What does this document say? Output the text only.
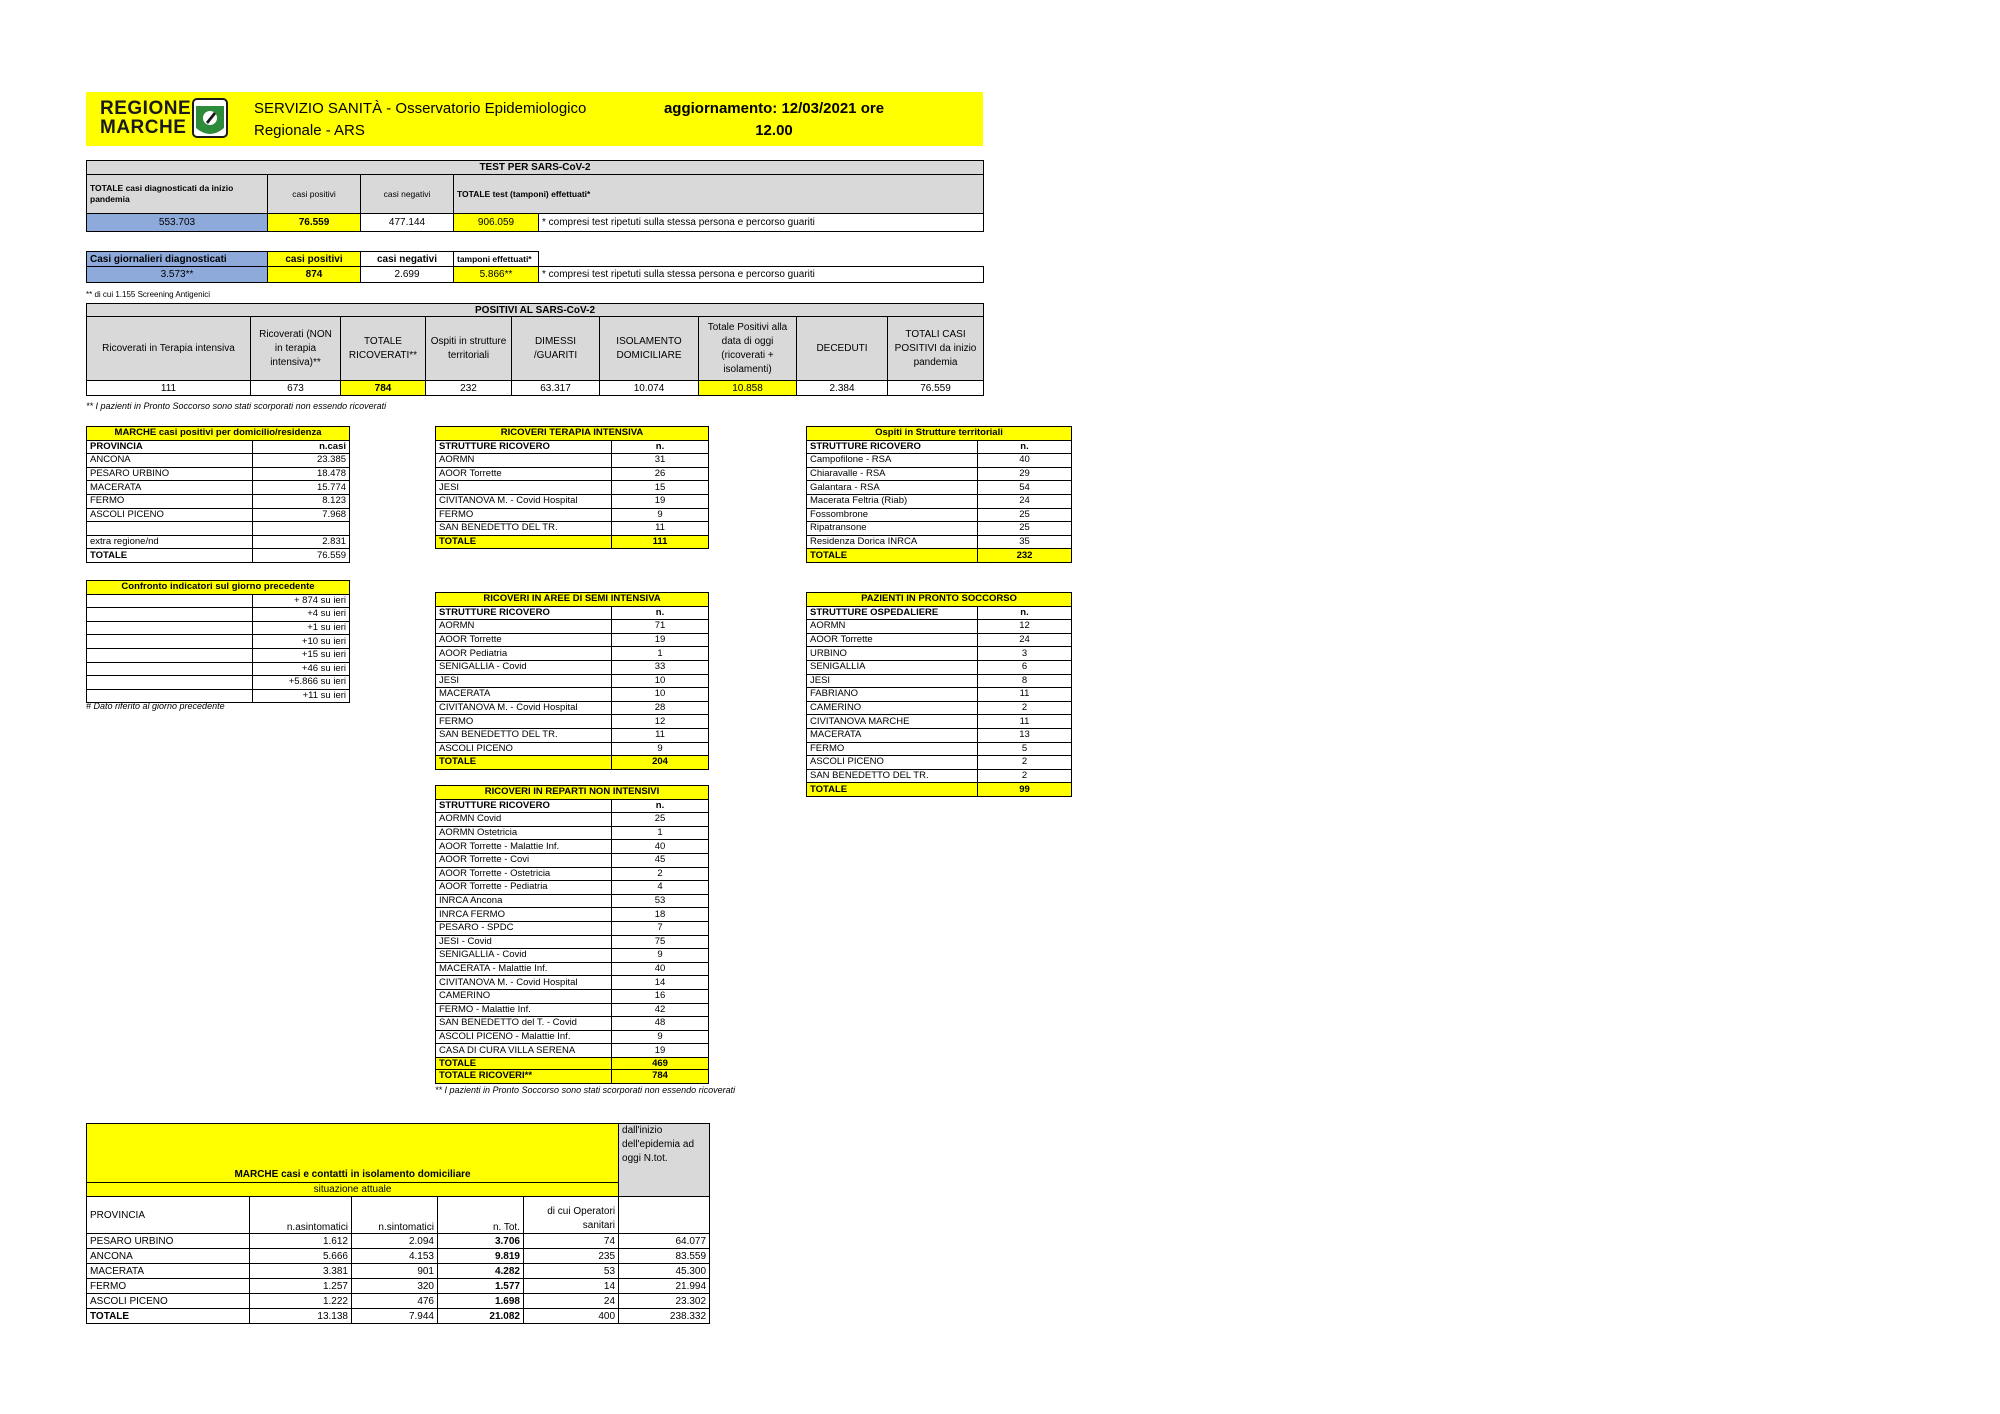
REGIONE
MARCHE
SERVIZIO SANITÀ - Osservatorio Epidemiologico
Regionale - ARS
aggiornamento: 12/03/2021 ore
12.00
TEST PER SARS-CoV-2				
TOTALE casi diagnosticati da inizio pandemia	casi positivi	casi negativi	TOTALE test (tamponi) effettuati*	
553.703	76.559	477.144	906.059	* compresi test ripetuti sulla stessa persona e percorso guariti
Casi giornalieri diagnosticati	casi positivi	casi negativi	tamponi effettuati*	
3.573**	874	2.699	5.866**	* compresi test ripetuti sulla stessa persona e percorso guariti
** di cui 1.155 Screening Antigenici
POSITIVI AL SARS-CoV-2								
Ricoverati in Terapia intensiva	Ricoverati (NON in terapia intensiva)**	TOTALE RICOVERATI**	Ospiti in strutture territoriali	DIMESSI /GUARITI	ISOLAMENTO DOMICILIARE	Totale Positivi alla data di oggi (ricoverati + isolamenti)	DECEDUTI	TOTALI CASI POSITIVI da inizio pandemia
111	673	784	232	63.317	10.074	10.858	2.384	76.559
** I pazienti in Pronto Soccorso sono stati scorporati non essendo ricoverati
MARCHE casi positivi per domicilio/residenza	
PROVINCIA	n.casi
ANCONA	23.385
PESARO URBINO	18.478
MACERATA	15.774
FERMO	8.123
ASCOLI PICENO	7.968

extra regione/nd	2.831
TOTALE	76.559
Confronto indicatori sul giorno precedente	
	+ 874 su ieri
	+4 su ieri
	+1 su ieri
	+10 su ieri
	+15 su ieri
	+46 su ieri
	+5.866 su ieri
	+11 su ieri
# Dato riferito al giorno precedente
RICOVERI TERAPIA INTENSIVA	
STRUTTURE RICOVERO	n.
AORMN	31
AOOR Torrette	26
JESI	15
CIVITANOVA M. - Covid Hospital	19
FERMO	9
SAN BENEDETTO DEL TR.	11
TOTALE	111
RICOVERI IN AREE DI SEMI INTENSIVA	
STRUTTURE RICOVERO	n.
AORMN	71
AOOR Torrette	19
AOOR Pediatria	1
SENIGALLIA - Covid	33
JESI	10
MACERATA	10
CIVITANOVA M. - Covid Hospital	28
FERMO	12
SAN BENEDETTO DEL TR.	11
ASCOLI PICENO	9
TOTALE	204
RICOVERI IN REPARTI NON INTENSIVI	
STRUTTURE RICOVERO	n.
AORMN Covid	25
AORMN Ostetricia	1
AOOR Torrette - Malattie Inf.	40
AOOR Torrette - Covi	45
AOOR Torrette - Ostetricia	2
AOOR Torrette - Pediatria	4
INRCA Ancona	53
INRCA FERMO	18
PESARO - SPDC	7
JESI - Covid	75
SENIGALLIA - Covid	9
MACERATA - Malattie Inf.	40
CIVITANOVA M. - Covid Hospital	14
CAMERINO	16
FERMO - Malattie Inf.	42
SAN BENEDETTO del T. - Covid	48
ASCOLI PICENO - Malattie Inf.	9
CASA DI CURA VILLA SERENA	19
TOTALE	469
TOTALE RICOVERI**	784
** I pazienti in Pronto Soccorso sono stati scorporati non essendo ricoverati
Ospiti in Strutture territoriali	
STRUTTURE RICOVERO	n.
Campofilone - RSA	40
Chiaravalle - RSA	29
Galantara - RSA	54
Macerata Feltria (Riab)	24
Fossombrone	25
Ripatransone	25
Residenza Dorica INRCA	35
TOTALE	232
PAZIENTI IN PRONTO SOCCORSO	
STRUTTURE OSPEDALIERE	n.
AORMN	12
AOOR Torrette	24
URBINO	3
SENIGALLIA	6
JESI	8
FABRIANO	11
CAMERINO	2
CIVITANOVA MARCHE	11
MACERATA	13
FERMO	5
ASCOLI PICENO	2
SAN BENEDETTO DEL TR.	2
TOTALE	99
MARCHE casi e contatti in isolamento domiciliare					dall'inizio dell'epidemia ad oggi N.tot.

situazione attuale					
PROVINCIA	n.asintomatici	n.sintomatici	n. Tot.	di cui Operatori sanitari	
PESARO URBINO	1.612	2.094	3.706	74	64.077
ANCONA	5.666	4.153	9.819	235	83.559
MACERATA	3.381	901	4.282	53	45.300
FERMO	1.257	320	1.577	14	21.994
ASCOLI PICENO	1.222	476	1.698	24	23.302
TOTALE	13.138	7.944	21.082	400	238.332
